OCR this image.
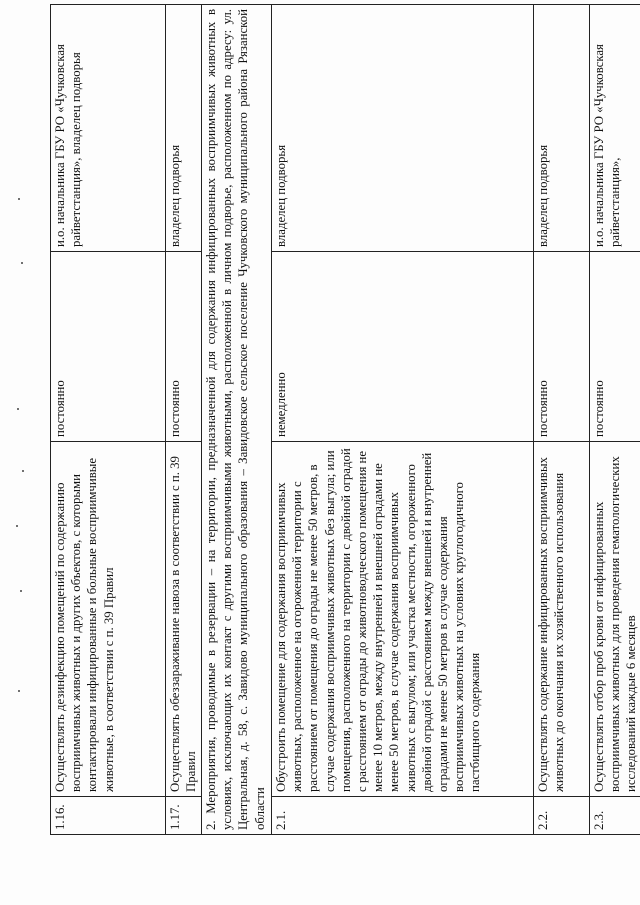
1.16.	Осуществлять дезинфекцию помещений по содержанию восприимчивых животных и других объектов, с которыми контактировали инфицированные и больные восприимчивые животные, в соответствии с п. 39 Правил	постоянно	и.о. начальника ГБУ РО «Чучковская райветстанция», владелец подворья
1.17.	Осуществлять обеззараживание навоза в соответствии с п. 39 Правил	постоянно	владелец подворья
2. Мероприятия, проводимые в резервации – на территории, предназначенной для содержания инфицированных восприимчивых животных в условиях, исключающих их контакт с другими восприимчивыми животными, расположенной в личном подворье, расположенном по адресу: ул. Центральная, д. 58, с. Завидово муниципального образования – Завидовское сельское поселение Чучковского муниципального района Рязанской области			
2.1.	Обустроить помещение для содержания восприимчивых животных, расположенное на огороженной территории с расстоянием от помещения до ограды не менее 50 метров, в случае содержания восприимчивых животных без выгула; или помещения, расположенного на территории с двойной оградой с расстоянием от ограды до животноводческого помещения не менее 10 метров, между внутренней и внешней оградами не менее 50 метров, в случае содержания восприимчивых животных с выгулом; или участка местности, огороженного двойной оградой с расстоянием между внешней и внутренней оградами не менее 50 метров в случае содержания восприимчивых животных на условиях круглогодичного пастбищного содержания	немедленно	владелец подворья
2.2.	Осуществлять содержание инфицированных восприимчивых животных до окончания их хозяйственного использования	постоянно	владелец подворья
2.3.	Осуществлять отбор проб крови от инфицированных восприимчивых животных для проведения гематологических исследований каждые 6 месяцев	постоянно	и.о. начальника ГБУ РО «Чучковская райветстанция»,
